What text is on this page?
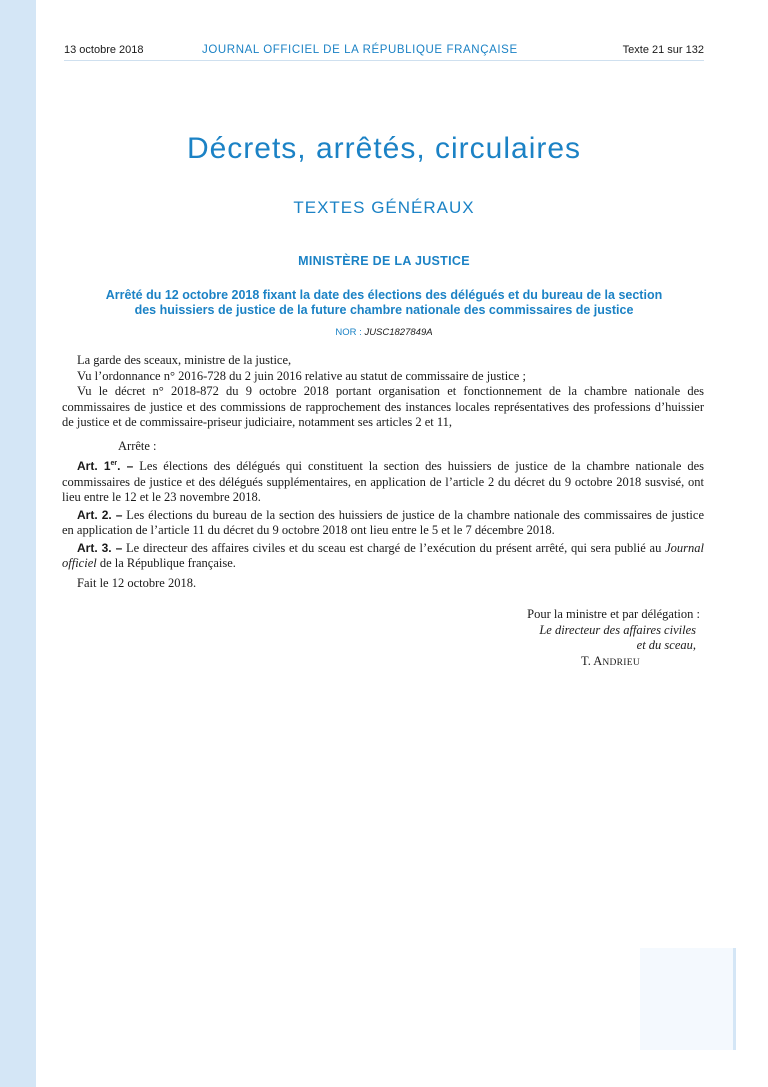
13 octobre 2018	JOURNAL OFFICIEL DE LA RÉPUBLIQUE FRANÇAISE	Texte 21 sur 132
Décrets, arrêtés, circulaires
TEXTES GÉNÉRAUX
MINISTÈRE DE LA JUSTICE
Arrêté du 12 octobre 2018 fixant la date des élections des délégués et du bureau de la section
des huissiers de justice de la future chambre nationale des commissaires de justice
NOR : JUSC1827849A

La garde des sceaux, ministre de la justice,

Vu l’ordonnance n° 2016-728 du 2 juin 2016 relative au statut de commissaire de justice ;

Vu le décret n° 2018-872 du 9 octobre 2018 portant organisation et fonctionnement de la chambre nationale des commissaires de justice et des commissions de rapprochement des instances locales représentatives des professions d’huissier de justice et de commissaire-priseur judiciaire, notamment ses articles 2 et 11,

Arrête :

Art. 1er. – Les élections des délégués qui constituent la section des huissiers de justice de la chambre nationale des commissaires de justice et des délégués supplémentaires, en application de l’article 2 du décret du 9 octobre 2018 susvisé, ont lieu entre le 12 et le 23 novembre 2018.

Art. 2. – Les élections du bureau de la section des huissiers de justice de la chambre nationale des commissaires de justice en application de l’article 11 du décret du 9 octobre 2018 ont lieu entre le 5 et le 7 décembre 2018.

Art. 3. – Le directeur des affaires civiles et du sceau est chargé de l’exécution du présent arrêté, qui sera publié au Journal officiel de la République française.

Fait le 12 octobre 2018.

Pour la ministre et par délégation :
Le directeur des affaires civiles
et du sceau,
T. ANDRIEU
